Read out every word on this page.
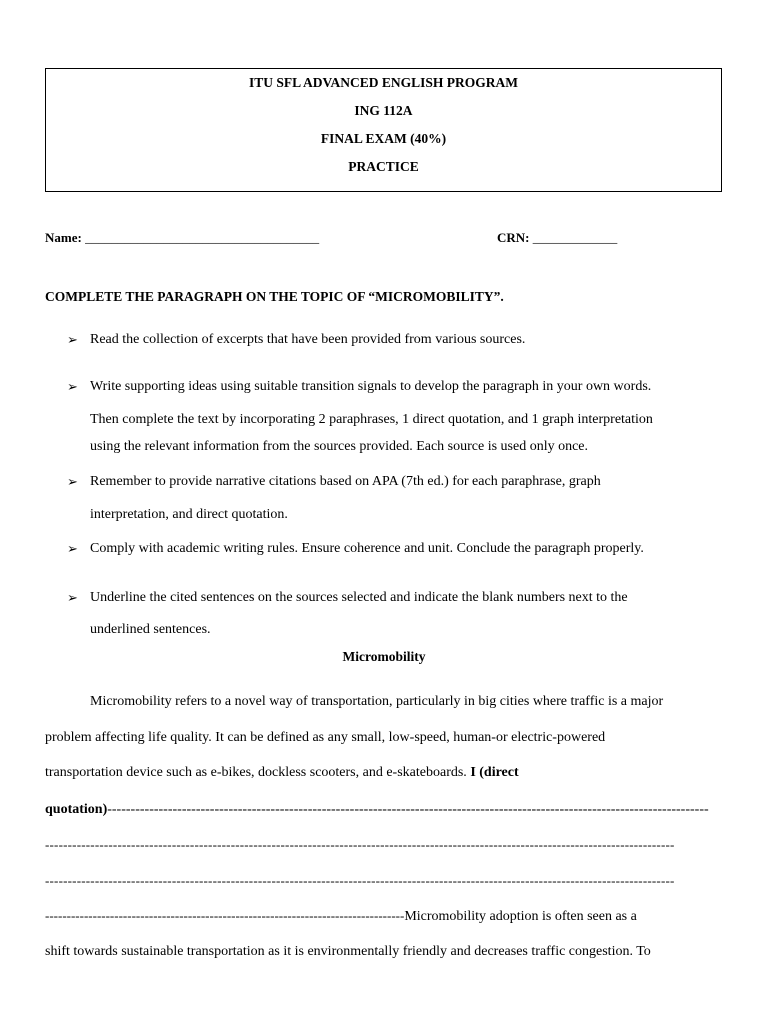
ITU SFL ADVANCED ENGLISH PROGRAM
ING 112A
FINAL EXAM (40%)
PRACTICE
Name: ____________________________________	CRN: _____________
COMPLETE THE PARAGRAPH ON THE TOPIC OF “MICROMOBILITY”.
➢ Read the collection of excerpts that have been provided from various sources.
➢ Write supporting ideas using suitable transition signals to develop the paragraph in your own words.
Then complete the text by incorporating 2 paraphrases, 1 direct quotation, and 1 graph interpretation
using the relevant information from the sources provided. Each source is used only once.
➢ Remember to provide narrative citations based on APA (7th ed.) for each paraphrase, graph
interpretation, and direct quotation.
➢ Comply with academic writing rules. Ensure coherence and unit. Conclude the paragraph properly.
➢ Underline the cited sentences on the sources selected and indicate the blank numbers next to the
underlined sentences.
Micromobility
Micromobility refers to a novel way of transportation, particularly in big cities where traffic is a major
problem affecting life quality. It can be defined as any small, low-speed, human-or electric-powered
transportation device such as e-bikes, dockless scooters, and e-skateboards. I (direct
quotation)---------------------------------------------------------------------------------------------------------------------------------
-------------------------------------------------------------------------------------------------------------------------------------------
-------------------------------------------------------------------------------------------------------------------------------------------
-----------------------------------------------------------------------------------Micromobility adoption is often seen as a
shift towards sustainable transportation as it is environmentally friendly and decreases traffic congestion. To
